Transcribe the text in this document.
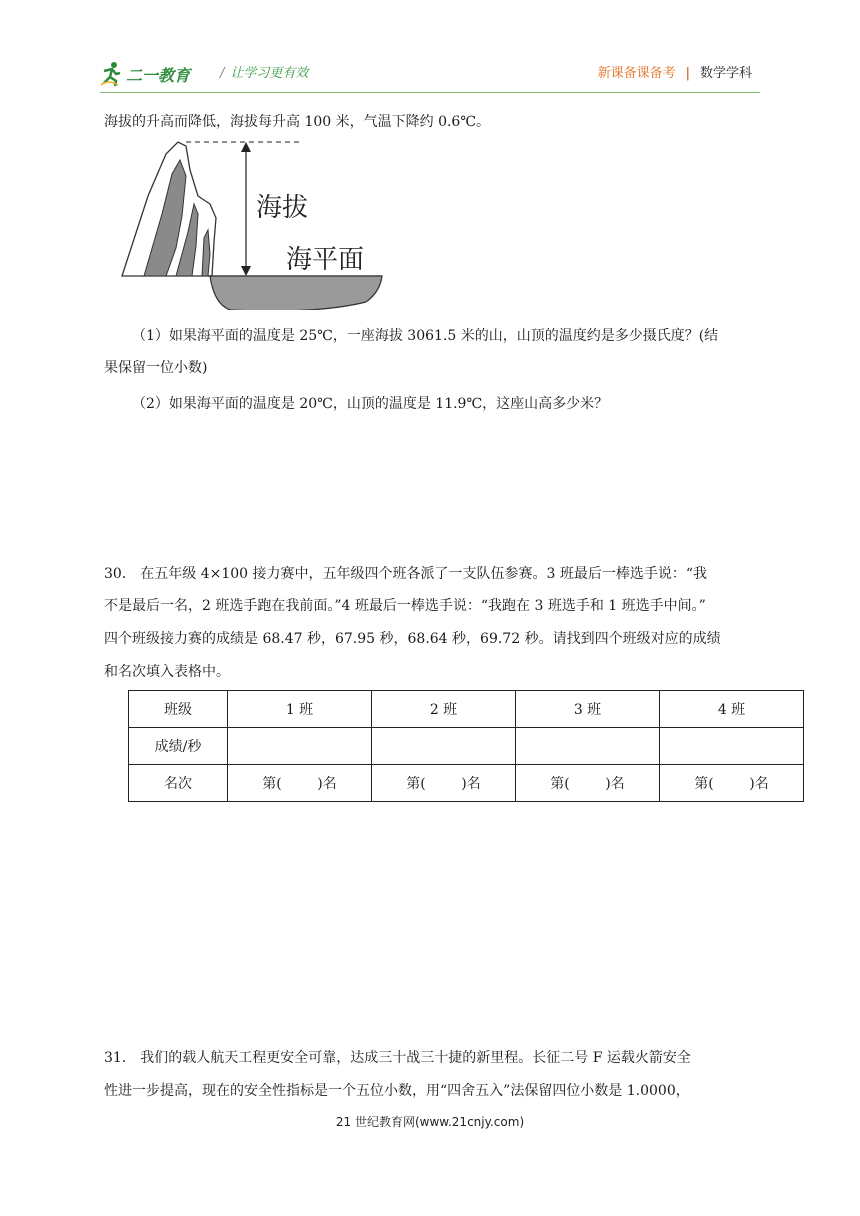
二一教育 / 让学习更有效	新课备课备考 | 数学学科
海拔的升高而降低，海拔每升高 100 米，气温下降约 0.6℃。
海拔
海平面
（1）如果海平面的温度是 25℃，一座海拔 3061.5 米的山，山顶的温度约是多少摄氏度？(结
果保留一位小数)
（2）如果海平面的温度是 20℃，山顶的温度是 11.9℃，这座山高多少米？
30． 在五年级 4×100 接力赛中，五年级四个班各派了一支队伍参赛。3 班最后一棒选手说：“我
不是最后一名，2 班选手跑在我前面。”4 班最后一棒选手说：“我跑在 3 班选手和 1 班选手中间。”
四个班级接力赛的成绩是 68.47 秒，67.95 秒，68.64 秒，69.72 秒。请找到四个班级对应的成绩
和名次填入表格中。
班级	1 班	2 班	3 班	4 班
成绩/秒				
名次	第(        )名	第(        )名	第(        )名	第(        )名
31． 我们的载人航天工程更安全可靠，达成三十战三十捷的新里程。长征二号 F 运载火箭安全
性进一步提高，现在的安全性指标是一个五位小数，用“四舍五入”法保留四位小数是 1.0000，
21 世纪教育网(www.21cnjy.com)
